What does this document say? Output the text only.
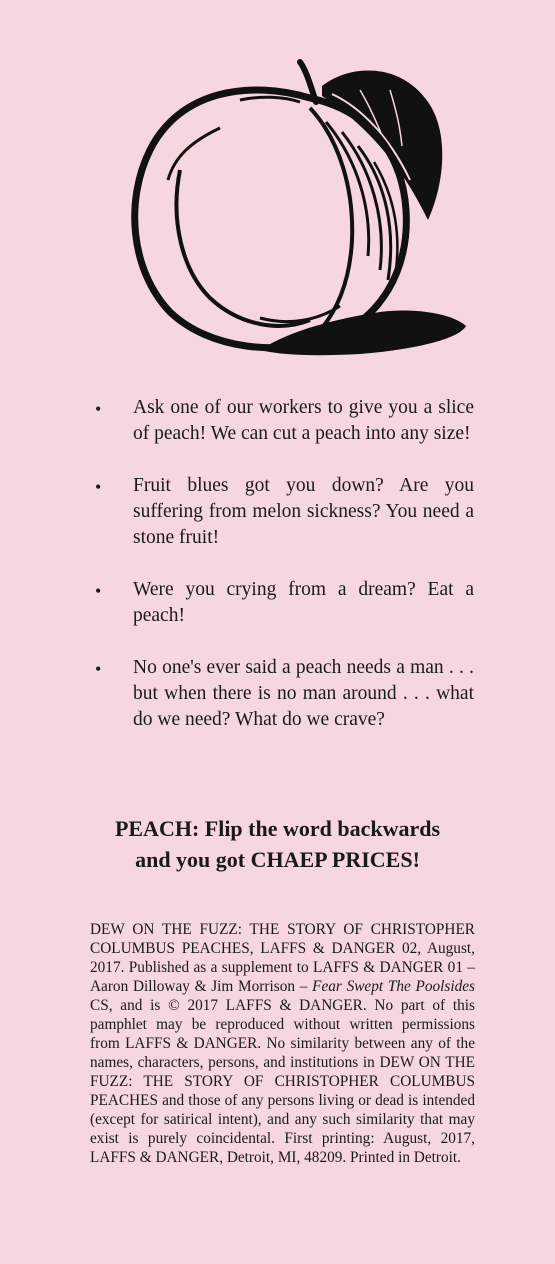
• Ask one of our workers to give you a slice of peach! We can cut a peach into any size!
• Fruit blues got you down? Are you suffering from melon sickness? You need a stone fruit!
• Were you crying from a dream? Eat a peach!
• No one's ever said a peach needs a man . . . but when there is no man around . . . what do we need? What do we crave?
PEACH: Flip the word backwards
and you got CHAEP PRICES!
DEW ON THE FUZZ: THE STORY OF CHRISTOPHER COLUMBUS PEACHES, LAFFS & DANGER 02, August, 2017. Published as a supplement to LAFFS & DANGER 01 – Aaron Dilloway & Jim Morrison – Fear Swept The Poolsides CS, and is © 2017 LAFFS & DANGER. No part of this pamphlet may be reproduced without written permissions from LAFFS & DANGER. No similarity between any of the names, characters, persons, and institutions in DEW ON THE FUZZ: THE STORY OF CHRISTOPHER COLUMBUS PEACHES and those of any persons living or dead is intended (except for satirical intent), and any such similarity that may exist is purely coincidental. First printing: August, 2017, LAFFS & DANGER, Detroit, MI, 48209. Printed in Detroit.
